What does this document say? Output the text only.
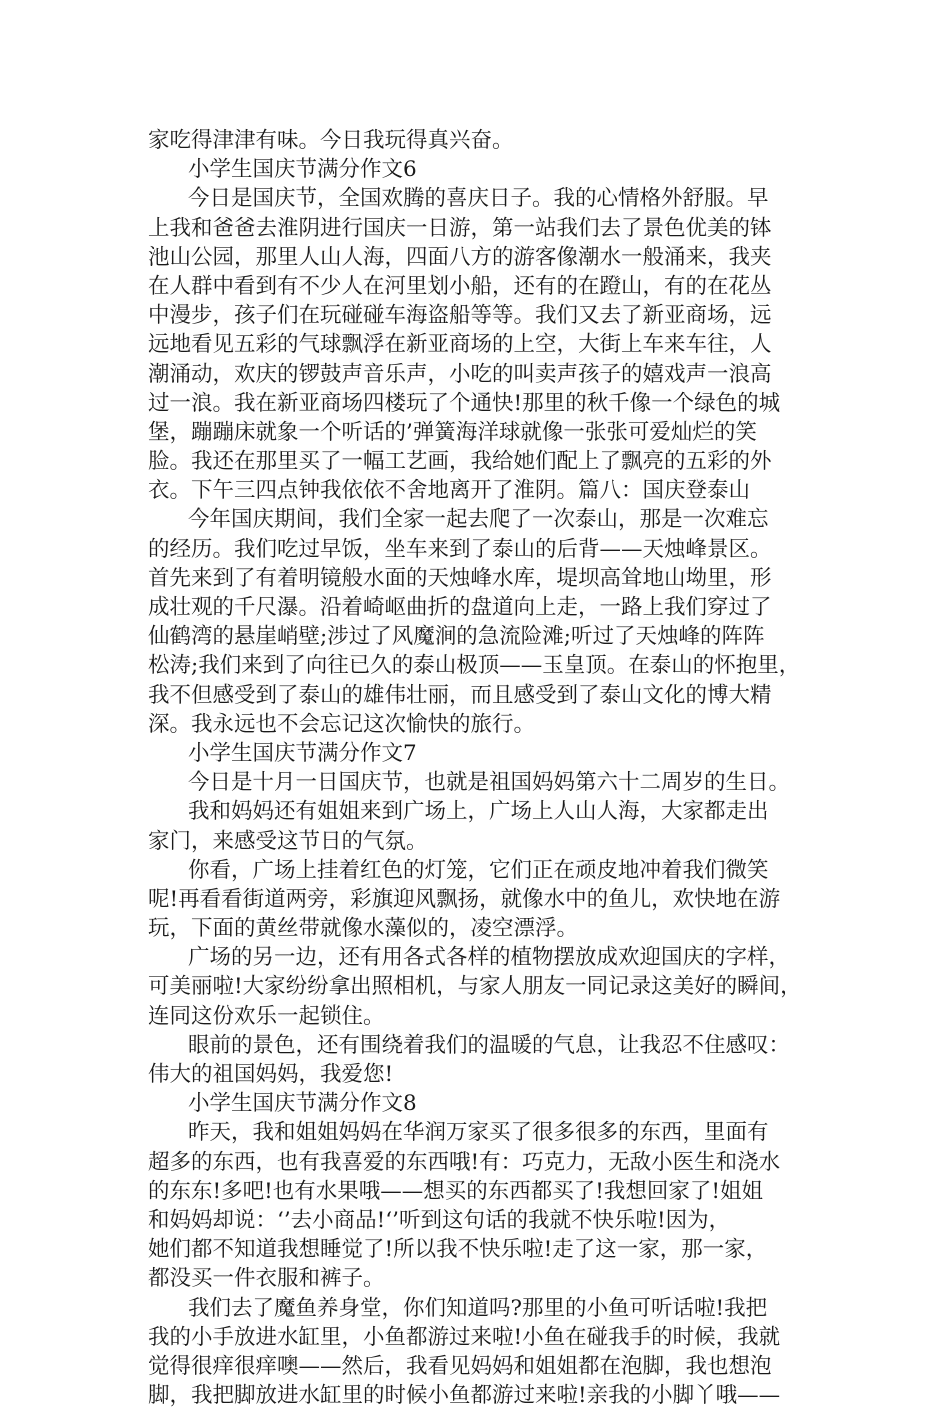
家吃得津津有味。今日我玩得真兴奋。
小学生国庆节满分作文6
今日是国庆节，全国欢腾的喜庆日子。我的心情格外舒服。早
上我和爸爸去淮阴进行国庆一日游，第一站我们去了景色优美的钵
池山公园，那里人山人海，四面八方的游客像潮水一般涌来，我夹
在人群中看到有不少人在河里划小船，还有的在蹬山，有的在花丛
中漫步，孩子们在玩碰碰车海盗船等等。我们又去了新亚商场，远
远地看见五彩的气球飘浮在新亚商场的上空，大街上车来车往，人
潮涌动，欢庆的锣鼓声音乐声，小吃的叫卖声孩子的嬉戏声一浪高
过一浪。我在新亚商场四楼玩了个通快!那里的秋千像一个绿色的城
堡，蹦蹦床就象一个听话的’弹簧海洋球就像一张张可爱灿烂的笑
脸。我还在那里买了一幅工艺画，我给她们配上了飘亮的五彩的外
衣。下午三四点钟我依依不舍地离开了淮阴。篇八：国庆登泰山
今年国庆期间，我们全家一起去爬了一次泰山，那是一次难忘
的经历。我们吃过早饭，坐车来到了泰山的后背——天烛峰景区。
首先来到了有着明镜般水面的天烛峰水库，堤坝高耸地山坳里，形
成壮观的千尺瀑。沿着崎岖曲折的盘道向上走，一路上我们穿过了
仙鹤湾的悬崖峭壁;涉过了风魔涧的急流险滩;听过了天烛峰的阵阵
松涛;我们来到了向往已久的泰山极顶——玉皇顶。在泰山的怀抱里，
我不但感受到了泰山的雄伟壮丽，而且感受到了泰山文化的博大精
深。我永远也不会忘记这次愉快的旅行。
小学生国庆节满分作文7
今日是十月一日国庆节，也就是祖国妈妈第六十二周岁的生日。
我和妈妈还有姐姐来到广场上，广场上人山人海，大家都走出
家门，来感受这节日的气氛。
你看，广场上挂着红色的灯笼，它们正在顽皮地冲着我们微笑
呢!再看看街道两旁，彩旗迎风飘扬，就像水中的鱼儿，欢快地在游
玩，下面的黄丝带就像水藻似的，凌空漂浮。
广场的另一边，还有用各式各样的植物摆放成欢迎国庆的字样，
可美丽啦!大家纷纷拿出照相机，与家人朋友一同记录这美好的瞬间，
连同这份欢乐一起锁住。
眼前的景色，还有围绕着我们的温暖的气息，让我忍不住感叹：
伟大的祖国妈妈，我爱您!
小学生国庆节满分作文8
昨天，我和姐姐妈妈在华润万家买了很多很多的东西，里面有
超多的东西，也有我喜爱的东西哦!有：巧克力，无敌小医生和浇水
的东东!多吧!也有水果哦——想买的东西都买了!我想回家了!姐姐
和妈妈却说：‘’去小商品!‘’听到这句话的我就不快乐啦!因为，
她们都不知道我想睡觉了!所以我不快乐啦!走了这一家，那一家，
都没买一件衣服和裤子。
我们去了魔鱼养身堂，你们知道吗?那里的小鱼可听话啦!我把
我的小手放进水缸里，小鱼都游过来啦!小鱼在碰我手的时候，我就
觉得很痒很痒噢——然后，我看见妈妈和姐姐都在泡脚，我也想泡
脚，我把脚放进水缸里的时候小鱼都游过来啦!亲我的小脚丫哦——
